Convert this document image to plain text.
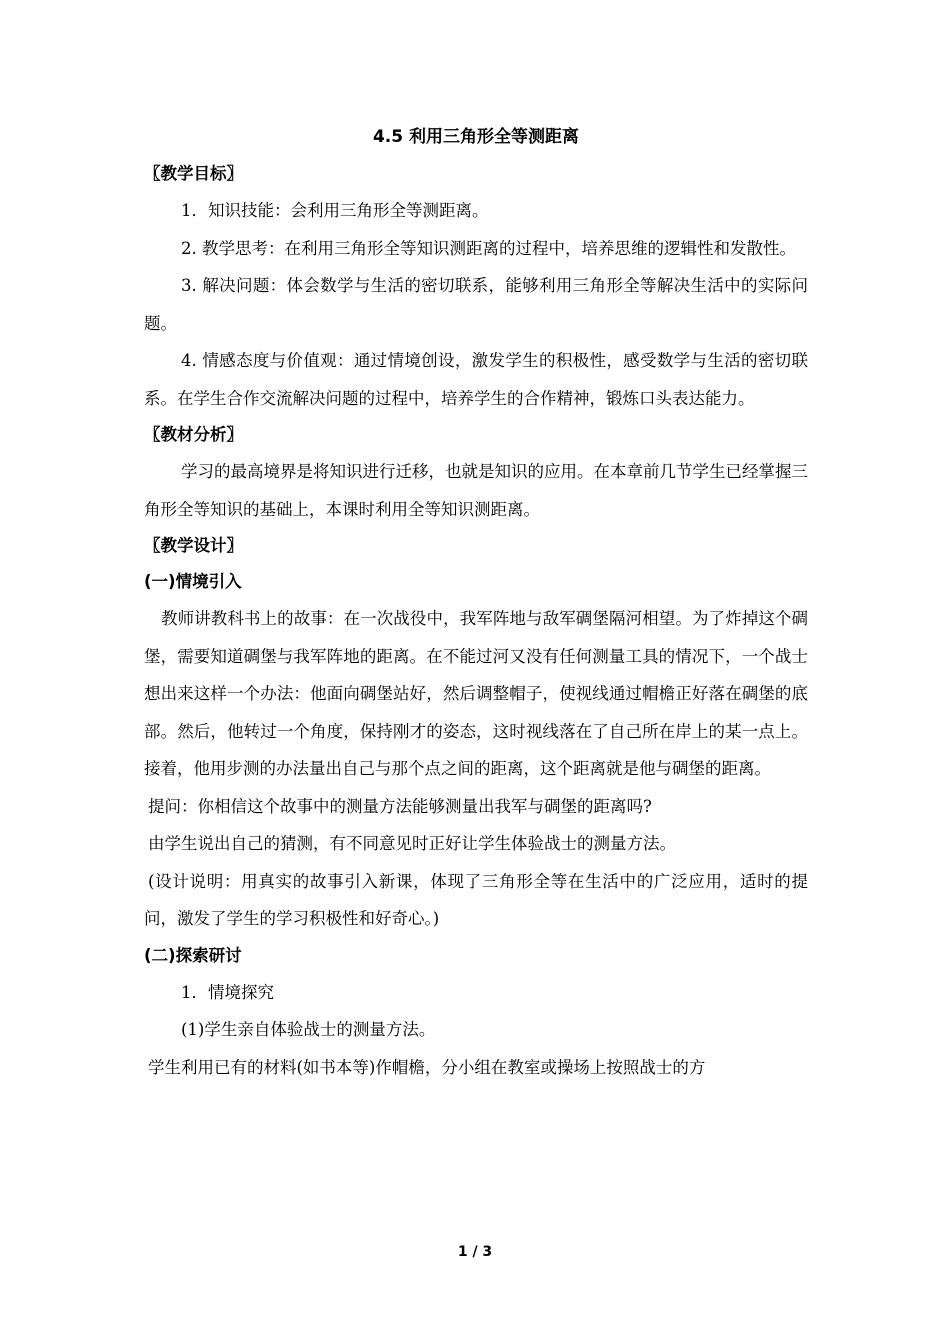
4.5 利用三角形全等测距离

〖教学目标〗

1．知识技能：会利用三角形全等测距离。

2. 教学思考：在利用三角形全等知识测距离的过程中，培养思维的逻辑性和发散性。

3. 解决问题：体会数学与生活的密切联系，能够利用三角形全等解决生活中的实际问题。

4. 情感态度与价值观：通过情境创设，激发学生的积极性，感受数学与生活的密切联系。在学生合作交流解决问题的过程中，培养学生的合作精神，锻炼口头表达能力。

〖教材分析〗

学习的最高境界是将知识进行迁移，也就是知识的应用。在本章前几节学生已经掌握三角形全等知识的基础上，本课时利用全等知识测距离。

〖教学设计〗

(一)情境引入

教师讲教科书上的故事：在一次战役中，我军阵地与敌军碉堡隔河相望。为了炸掉这个碉堡，需要知道碉堡与我军阵地的距离。在不能过河又没有任何测量工具的情况下，一个战士想出来这样一个办法：他面向碉堡站好，然后调整帽子，使视线通过帽檐正好落在碉堡的底部。然后，他转过一个角度，保持刚才的姿态，这时视线落在了自己所在岸上的某一点上。接着，他用步测的办法量出自己与那个点之间的距离，这个距离就是他与碉堡的距离。

提问：你相信这个故事中的测量方法能够测量出我军与碉堡的距离吗?

由学生说出自己的猜测，有不同意见时正好让学生体验战士的测量方法。

(设计说明：用真实的故事引入新课，体现了三角形全等在生活中的广泛应用，适时的提问，激发了学生的学习积极性和好奇心。)

(二)探索研讨

1．情境探究

(1)学生亲自体验战士的测量方法。

学生利用已有的材料(如书本等)作帽檐，分小组在教室或操场上按照战士的方

1 / 3
